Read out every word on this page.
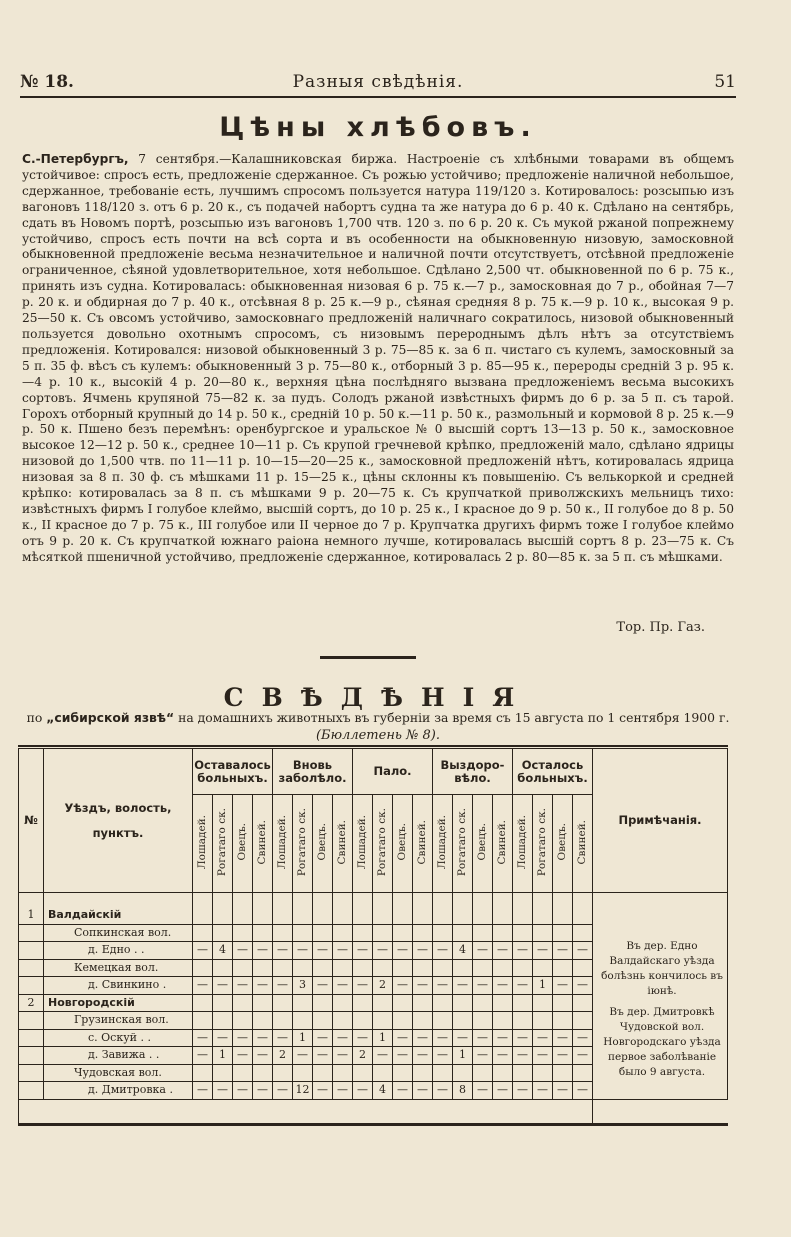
№ 18.	Разныя свѣдѣнія.	51
Цѣны хлѣбовъ.
С.-Петербургъ, 7 сентября.—Калашниковская биржа. Настроеніе съ хлѣбными товарами въ общемъ устойчивое: спросъ есть, предложеніе сдержанное. Съ рожью устойчиво; предложеніе наличной небольшое, сдержанное, требованіе есть, лучшимъ спросомъ пользуется натура 119/120 з. Котировалось: розсыпью изъ вагоновъ 118/120 з. отъ 6 р. 20 к., съ подачей набортъ судна та же натура до 6 р. 40 к. Сдѣлано на сентябрь, сдать въ Новомъ портѣ, розсыпью изъ вагоновъ 1,700 чтв. 120 з. по 6 р. 20 к. Съ мукой ржаной попрежнему устойчиво, спросъ есть почти на всѣ сорта и въ особенности на обыкновенную низовую, замосковной обыкновенной предложеніе весьма незначительное и наличной почти отсутствуетъ, отсѣвной предложеніе ограниченное, сѣяной удовлетворительное, хотя небольшое. Сдѣлано 2,500 чт. обыкновенной по 6 р. 75 к., принять изъ судна. Котировалась: обыкновенная низовая 6 р. 75 к.—7 р., замосковная до 7 р., обойная 7—7 р. 20 к. и обдирная до 7 р. 40 к., отсѣвная 8 р. 25 к.—9 р., сѣяная средняя 8 р. 75 к.—9 р. 10 к., высокая 9 р. 25—50 к. Съ овсомъ устойчиво, замосковнаго предложеній наличнаго сократилось, низовой обыкновенный пользуется довольно охотнымъ спросомъ, съ низовымъ перероднымъ дѣлъ нѣтъ за отсутствіемъ предложенія. Котировался: низовой обыкновенный 3 р. 75—85 к. за 6 п. чистаго съ кулемъ, замосковный за 5 п. 35 ф. вѣсъ съ кулемъ: обыкновенный 3 р. 75—80 к., отборный 3 р. 85—95 к., перероды средній 3 р. 95 к.—4 р. 10 к., высокій 4 р. 20—80 к., верхняя цѣна послѣдняго вызвана предложеніемъ весьма высокихъ сортовъ. Ячмень крупяной 75—82 к. за пудъ. Солодъ ржаной извѣстныхъ фирмъ до 6 р. за 5 п. съ тарой. Горохъ отборный крупный до 14 р. 50 к., средній 10 р. 50 к.—11 р. 50 к., размольный и кормовой 8 р. 25 к.—9 р. 50 к. Пшено безъ перемѣнъ: оренбургское и уральское № 0 высшій сортъ 13—13 р. 50 к., замосковное высокое 12—12 р. 50 к., среднее 10—11 р. Съ крупой гречневой крѣпко, предложеній мало, сдѣлано ядрицы низовой до 1,500 чтв. по 11—11 р. 10—15—20—25 к., замосковной предложеній нѣтъ, котировалась ядрица низовая за 8 п. 30 ф. съ мѣшками 11 р. 15—25 к., цѣны склонны къ повышенію. Съ велькоркой и средней крѣпко: котировалась за 8 п. съ мѣшками 9 р. 20—75 к. Съ крупчаткой приволжскихъ мельницъ тихо: извѣстныхъ фирмъ I голубое клеймо, высшій сортъ, до 10 р. 25 к., I красное до 9 р. 50 к., II голубое до 8 р. 50 к., II красное до 7 р. 75 к., III голубое или II черное до 7 р. Крупчатка другихъ фирмъ тоже I голубое клеймо отъ 9 р. 20 к. Съ крупчаткой южнаго раіона немного лучше, котировалась высшій сортъ 8 р. 23—75 к. Съ мѣсяткой пшеничной устойчиво, предложеніе сдержанное, котировалась 2 р. 80—85 к. за 5 п. съ мѣшками.
Тор. Пр. Газ.
СВѢДѢНІЯ
по „сибирской язвѣ“ на домашнихъ животныхъ въ губерніи за время съ 15 августа по 1 сентября 1900 г.
(Бюллетень № 8).
№	Уѣздъ, волость,
пунктъ.	Оставалось больныхъ.				Вновь заболѣло.				Пало.				Выздоро-вѣло.				Осталось больныхъ.				Примѣчанія.
		Лошадей.	Рогатаго ск.	Овецъ.	Свиней.	Лошадей.	Рогатаго ск.	Овецъ.	Свиней.	Лошадей.	Рогатаго ск.	Овецъ.	Свиней.	Лошадей.	Рогатаго ск.	Овецъ.	Свиней.	Лошадей.	Рогатаго ск.	Овецъ.	Свиней.	
1	Валдайскій																					Въ дер. Едно Валдайскаго уѣзда болѣзнь кончилось въ іюнѣ.
Въ дер. Дмитровкѣ Чудовской вол. Новгородскаго уѣзда первое заболѣваніе было 9 августа.

	Сопкинская вол.																					
	д. Едно . .	—	4	—	—	—	—	—	—	—	—	—	—	—	4	—	—	—	—	—	—	
	Кемецкая вол.																					
	д. Свинкино .	—	—	—	—	—	3	—	—	—	2	—	—	—	—	—	—	—	1	—	—	
2	Новгородскій																					
	Грузинская вол.																					
	с. Оскуй . .	—	—	—	—	—	1	—	—	—	1	—	—	—	—	—	—	—	—	—	—	
	д. Завижа . .	—	1	—	—	2	—	—	—	2	—	—	—	—	1	—	—	—	—	—	—	
	Чудовская вол.																					
	д. Дмитровка .	—	—	—	—	—	12	—	—	—	4	—	—	—	8	—	—	—	—	—	—	
